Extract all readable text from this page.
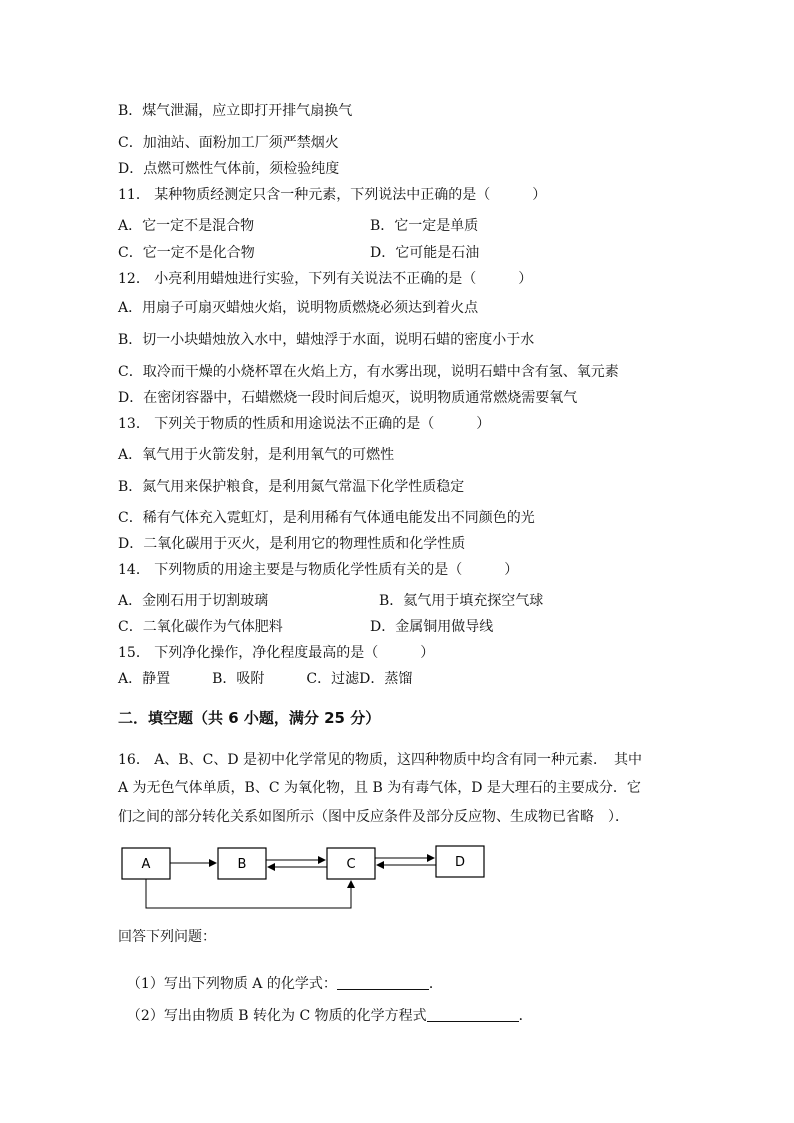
B．煤气泄漏，应立即打开排气扇换气
C．加油站、面粉加工厂须严禁烟火
D．点燃可燃性气体前，须检验纯度
11． 某种物质经测定只含一种元素，下列说法中正确的是（　　　）
12． 小亮利用蜡烛进行实验，下列有关说法不正确的是（　　　）
A．用扇子可扇灭蜡烛火焰，说明物质燃烧必须达到着火点
B．切一小块蜡烛放入水中，蜡烛浮于水面，说明石蜡的密度小于水
C．取冷而干燥的小烧杯罩在火焰上方，有水雾出现，说明石蜡中含有氢、氧元素
D．在密闭容器中，石蜡燃烧一段时间后熄灭，说明物质通常燃烧需要氧气
13． 下列关于物质的性质和用途说法不正确的是（　　　）
A．氧气用于火箭发射，是利用氧气的可燃性
B．氮气用来保护粮食，是利用氮气常温下化学性质稳定
C．稀有气体充入霓虹灯，是利用稀有气体通电能发出不同颜色的光
D．二氧化碳用于灭火，是利用它的物理性质和化学性质
14． 下列物质的用途主要是与物质化学性质有关的是（　　　）
15． 下列净化操作，净化程度最高的是（　　　）
A．静置　　　B．吸附　　　C．过滤D．蒸馏
A．它一定不是混合物	B．它一定是单质
C．它一定不是化合物	D．它可能是石油
A．金刚石用于切割玻璃	B．氦气用于填充探空气球
C．二氧化碳作为气体肥料	D．金属铜用做导线
二．填空题（共 6 小题，满分 25 分）
16． A、B、C、D 是初中化学常见的物质，这四种物质中均含有同一种元素．　其中
A 为无色气体单质，B、C 为氧化物，且 B 为有毒气体，D 是大理石的主要成分．它
们之间的部分转化关系如图所示（图中反应条件及部分反应物、生成物已省略　）．
A	B	C	D
回答下列问题：

（1）写出下列物质 A 的化学式：	．

（2）写出由物质 B 转化为 C 物质的化学方程式	．
